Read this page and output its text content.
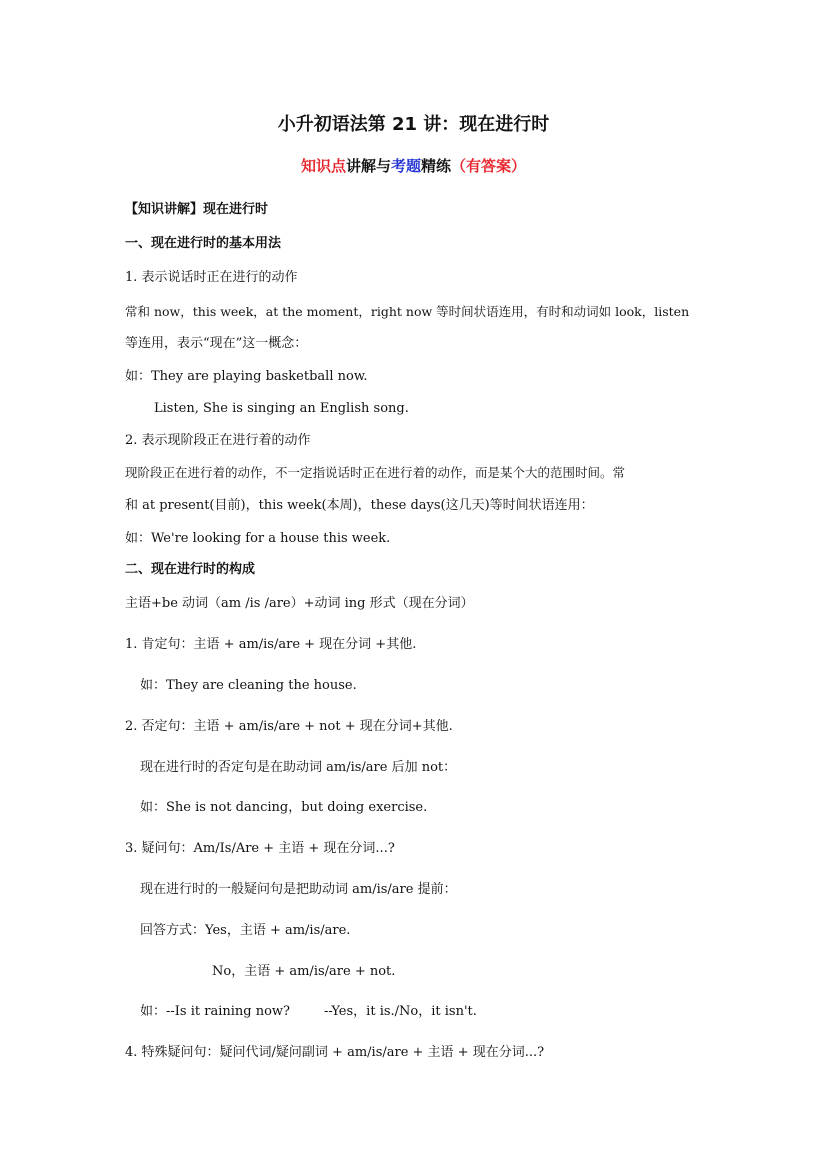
小升初语法第 21 讲：现在进行时
知识点讲解与考题精练（有答案）
【知识讲解】现在进行时
一、现在进行时的基本用法
1. 表示说话时正在进行的动作
常和 now，this week，at the moment，right now 等时间状语连用，有时和动词如 look，listen
等连用，表示“现在”这一概念：
如：They are playing basketball now.
Listen, She is singing an English song.
2. 表示现阶段正在进行着的动作
现阶段正在进行着的动作，不一定指说话时正在进行着的动作，而是某个大的范围时间。常
和 at present(目前)，this week(本周)，these days(这几天)等时间状语连用：
如：We're looking for a house this week.
二、现在进行时的构成
主语+be 动词（am /is /are）+动词 ing 形式（现在分词）
1. 肯定句：主语 + am/is/are + 现在分词 +其他.
如：They are cleaning the house.
2. 否定句：主语 + am/is/are + not + 现在分词+其他.
现在进行时的否定句是在助动词 am/is/are 后加 not：
如：She is not dancing，but doing exercise.
3. 疑问句：Am/Is/Are + 主语 + 现在分词...?
现在进行时的一般疑问句是把助动词 am/is/are 提前：
回答方式：Yes，主语 + am/is/are.
No，主语 + am/is/are + not.
如：--Is it raining now?	--Yes，it is./No，it isn't.
4. 特殊疑问句：疑问代词/疑问副词 + am/is/are + 主语 + 现在分词...?
